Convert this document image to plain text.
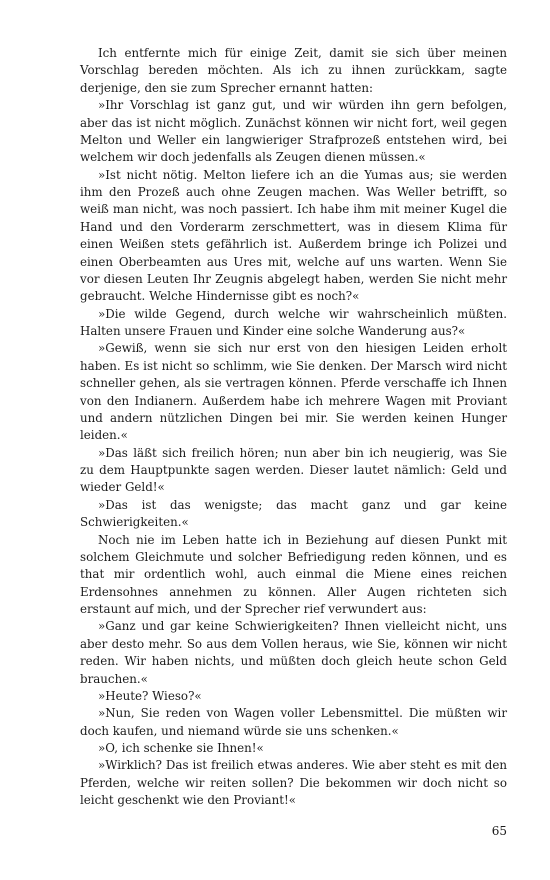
Ich entfernte mich für einige Zeit, damit sie sich über meinen Vorschlag bereden möchten. Als ich zu ihnen zurückkam, sagte derjenige, den sie zum Sprecher ernannt hatten:

»Ihr Vorschlag ist ganz gut, und wir würden ihn gern befolgen, aber das ist nicht möglich. Zunächst können wir nicht fort, weil gegen Melton und Weller ein langwieriger Strafprozeß entstehen wird, bei welchem wir doch jedenfalls als Zeugen dienen müssen.«

»Ist nicht nötig. Melton liefere ich an die Yumas aus; sie werden ihm den Prozeß auch ohne Zeugen machen. Was Weller betrifft, so weiß man nicht, was noch passiert. Ich habe ihm mit meiner Kugel die Hand und den Vorderarm zerschmettert, was in diesem Klima für einen Weißen stets gefährlich ist. Außerdem bringe ich Polizei und einen Oberbeamten aus Ures mit, welche auf uns warten. Wenn Sie vor diesen Leuten Ihr Zeugnis abgelegt haben, werden Sie nicht mehr gebraucht. Welche Hindernisse gibt es noch?«

»Die wilde Gegend, durch welche wir wahrscheinlich müßten. Halten unsere Frauen und Kinder eine solche Wanderung aus?«

»Gewiß, wenn sie sich nur erst von den hiesigen Leiden erholt haben. Es ist nicht so schlimm, wie Sie denken. Der Marsch wird nicht schneller gehen, als sie vertragen können. Pferde verschaffe ich Ihnen von den Indianern. Außerdem habe ich mehrere Wagen mit Proviant und andern nützlichen Dingen bei mir. Sie werden keinen Hunger leiden.«

»Das läßt sich freilich hören; nun aber bin ich neugierig, was Sie zu dem Hauptpunkte sagen werden. Dieser lautet nämlich: Geld und wieder Geld!«

»Das ist das wenigste; das macht ganz und gar keine Schwierigkeiten.«

Noch nie im Leben hatte ich in Beziehung auf diesen Punkt mit solchem Gleichmute und solcher Befriedigung reden können, und es that mir ordentlich wohl, auch einmal die Miene eines reichen Erdensohnes annehmen zu können. Aller Augen richteten sich erstaunt auf mich, und der Sprecher rief verwundert aus:

»Ganz und gar keine Schwierigkeiten? Ihnen vielleicht nicht, uns aber desto mehr. So aus dem Vollen heraus, wie Sie, können wir nicht reden. Wir haben nichts, und müßten doch gleich heute schon Geld brauchen.«

»Heute? Wieso?«

»Nun, Sie reden von Wagen voller Lebensmittel. Die müßten wir doch kaufen, und niemand würde sie uns schenken.«

»O, ich schenke sie Ihnen!«

»Wirklich? Das ist freilich etwas anderes. Wie aber steht es mit den Pferden, welche wir reiten sollen? Die bekommen wir doch nicht so leicht geschenkt wie den Proviant!«

65
